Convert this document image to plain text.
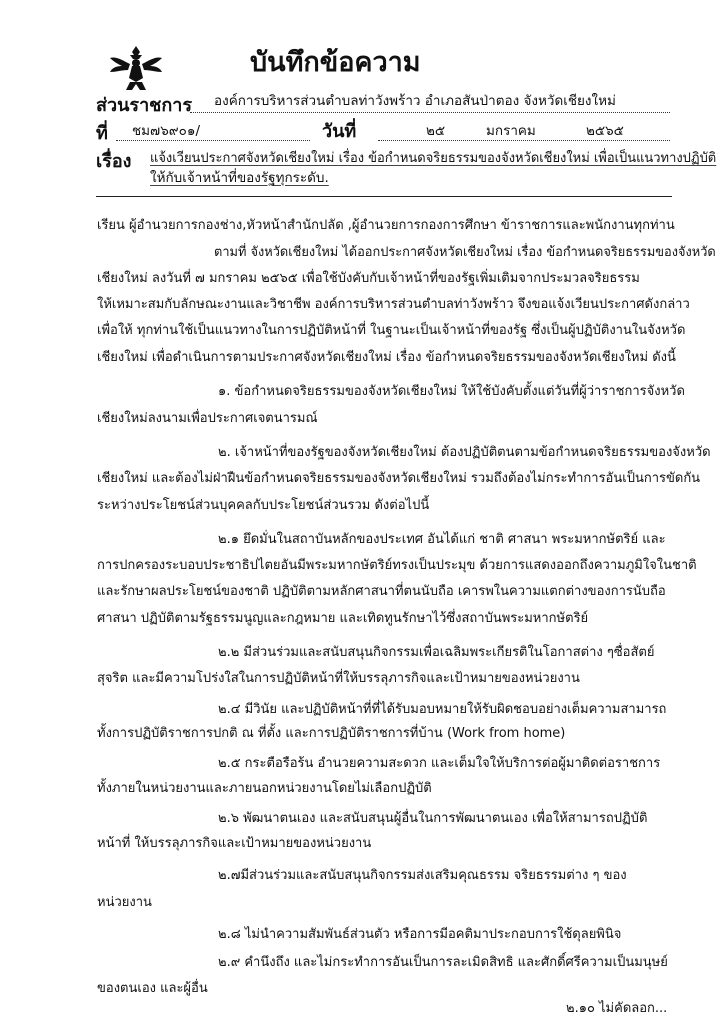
บันทึกข้อความ
ส่วนราชการ องค์การบริหารส่วนตำบลท่าวังพร้าว อำเภอสันป่าตอง จังหวัดเชียงใหม่
ที่ ชม๗๖๙๐๑/	วันที่	๒๕	มกราคม	๒๕๖๕
เรื่อง แจ้งเวียนประกาศจังหวัดเชียงใหม่ เรื่อง ข้อกำหนดจริยธรรมของจังหวัดเชียงใหม่ เพื่อเป็นแนวทางปฏิบัติ
ให้กับเจ้าหน้าที่ของรัฐทุกระดับ.
เรียน ผู้อำนวยการกองช่าง,หัวหน้าสำนักปลัด ,ผู้อำนวยการกองการศึกษา ข้าราชการและพนักงานทุกท่าน
ตามที่ จังหวัดเชียงใหม่ ได้ออกประกาศจังหวัดเชียงใหม่ เรื่อง ข้อกำหนดจริยธรรมของจังหวัด
เชียงใหม่ ลงวันที่ ๗ มกราคม ๒๕๖๕ เพื่อใช้บังคับกับเจ้าหน้าที่ของรัฐเพิ่มเติมจากประมวลจริยธรรม
ให้เหมาะสมกับลักษณะงานและวิชาชีพ องค์การบริหารส่วนตำบลท่าวังพร้าว จึงขอแจ้งเวียนประกาศดังกล่าว
เพื่อให้ ทุกท่านใช้เป็นแนวทางในการปฏิบัติหน้าที่ ในฐานะเป็นเจ้าหน้าที่ของรัฐ ซึ่งเป็นผู้ปฏิบัติงานในจังหวัด
เชียงใหม่ เพื่อดำเนินการตามประกาศจังหวัดเชียงใหม่ เรื่อง ข้อกำหนดจริยธรรมของจังหวัดเชียงใหม่ ดังนี้
๑. ข้อกำหนดจริยธรรมของจังหวัดเชียงใหม่ ให้ใช้บังคับตั้งแต่วันที่ผู้ว่าราชการจังหวัด
เชียงใหม่ลงนามเพื่อประกาศเจตนารมณ์
๒. เจ้าหน้าที่ของรัฐของจังหวัดเชียงใหม่ ต้องปฏิบัติตนตามข้อกำหนดจริยธรรมของจังหวัด
เชียงใหม่ และต้องไม่ฝ่าฝืนข้อกำหนดจริยธรรมของจังหวัดเชียงใหม่ รวมถึงต้องไม่กระทำการอันเป็นการขัดกัน
ระหว่างประโยชน์ส่วนบุคคลกับประโยชน์ส่วนรวม ดังต่อไปนี้
๒.๑ ยึดมั่นในสถาบันหลักของประเทศ อันได้แก่ ชาติ ศาสนา พระมหากษัตริย์ และ
การปกครองระบอบประชาธิปไตยอันมีพระมหากษัตริย์ทรงเป็นประมุข ด้วยการแสดงออกถึงความภูมิใจในชาติ
และรักษาผลประโยชน์ของชาติ ปฏิบัติตามหลักศาสนาที่ตนนับถือ เคารพในความแตกต่างของการนับถือ
ศาสนา ปฏิบัติตามรัฐธรรมนูญและกฎหมาย และเทิดทูนรักษาไว้ซึ่งสถาบันพระมหากษัตริย์
๒.๒ มีส่วนร่วมและสนับสนุนกิจกรรมเพื่อเฉลิมพระเกียรติในโอกาสต่าง ๆซื่อสัตย์
สุจริต และมีความโปร่งใสในการปฏิบัติหน้าที่ให้บรรลุภารกิจและเป้าหมายของหน่วยงาน
๒.๔ มีวินัย และปฏิบัติหน้าที่ที่ได้รับมอบหมายให้รับผิดชอบอย่างเต็มความสามารถ
ทั้งการปฏิบัติราชการปกติ ณ ที่ตั้ง และการปฏิบัติราชการที่บ้าน (Work from home)
๒.๕ กระตือรือร้น อำนวยความสะดวก และเต็มใจให้บริการต่อผู้มาติดต่อราชการ
ทั้งภายในหน่วยงานและภายนอกหน่วยงานโดยไม่เลือกปฏิบัติ
๒.๖ พัฒนาตนเอง และสนับสนุนผู้อื่นในการพัฒนาตนเอง เพื่อให้สามารถปฏิบัติ
หน้าที่ ให้บรรลุภารกิจและเป้าหมายของหน่วยงาน
๒.๗มีส่วนร่วมและสนับสนุนกิจกรรมส่งเสริมคุณธรรม จริยธรรมต่าง ๆ ของ
หน่วยงาน
๒.๘ ไม่นำความสัมพันธ์ส่วนตัว หรือการมีอคติมาประกอบการใช้ดุลยพินิจ
๒.๙ คำนึงถึง และไม่กระทำการอันเป็นการละเมิดสิทธิ และศักดิ์ศรีความเป็นมนุษย์
ของตนเอง และผู้อื่น
๒.๑๐ ไม่คัดลอก...
